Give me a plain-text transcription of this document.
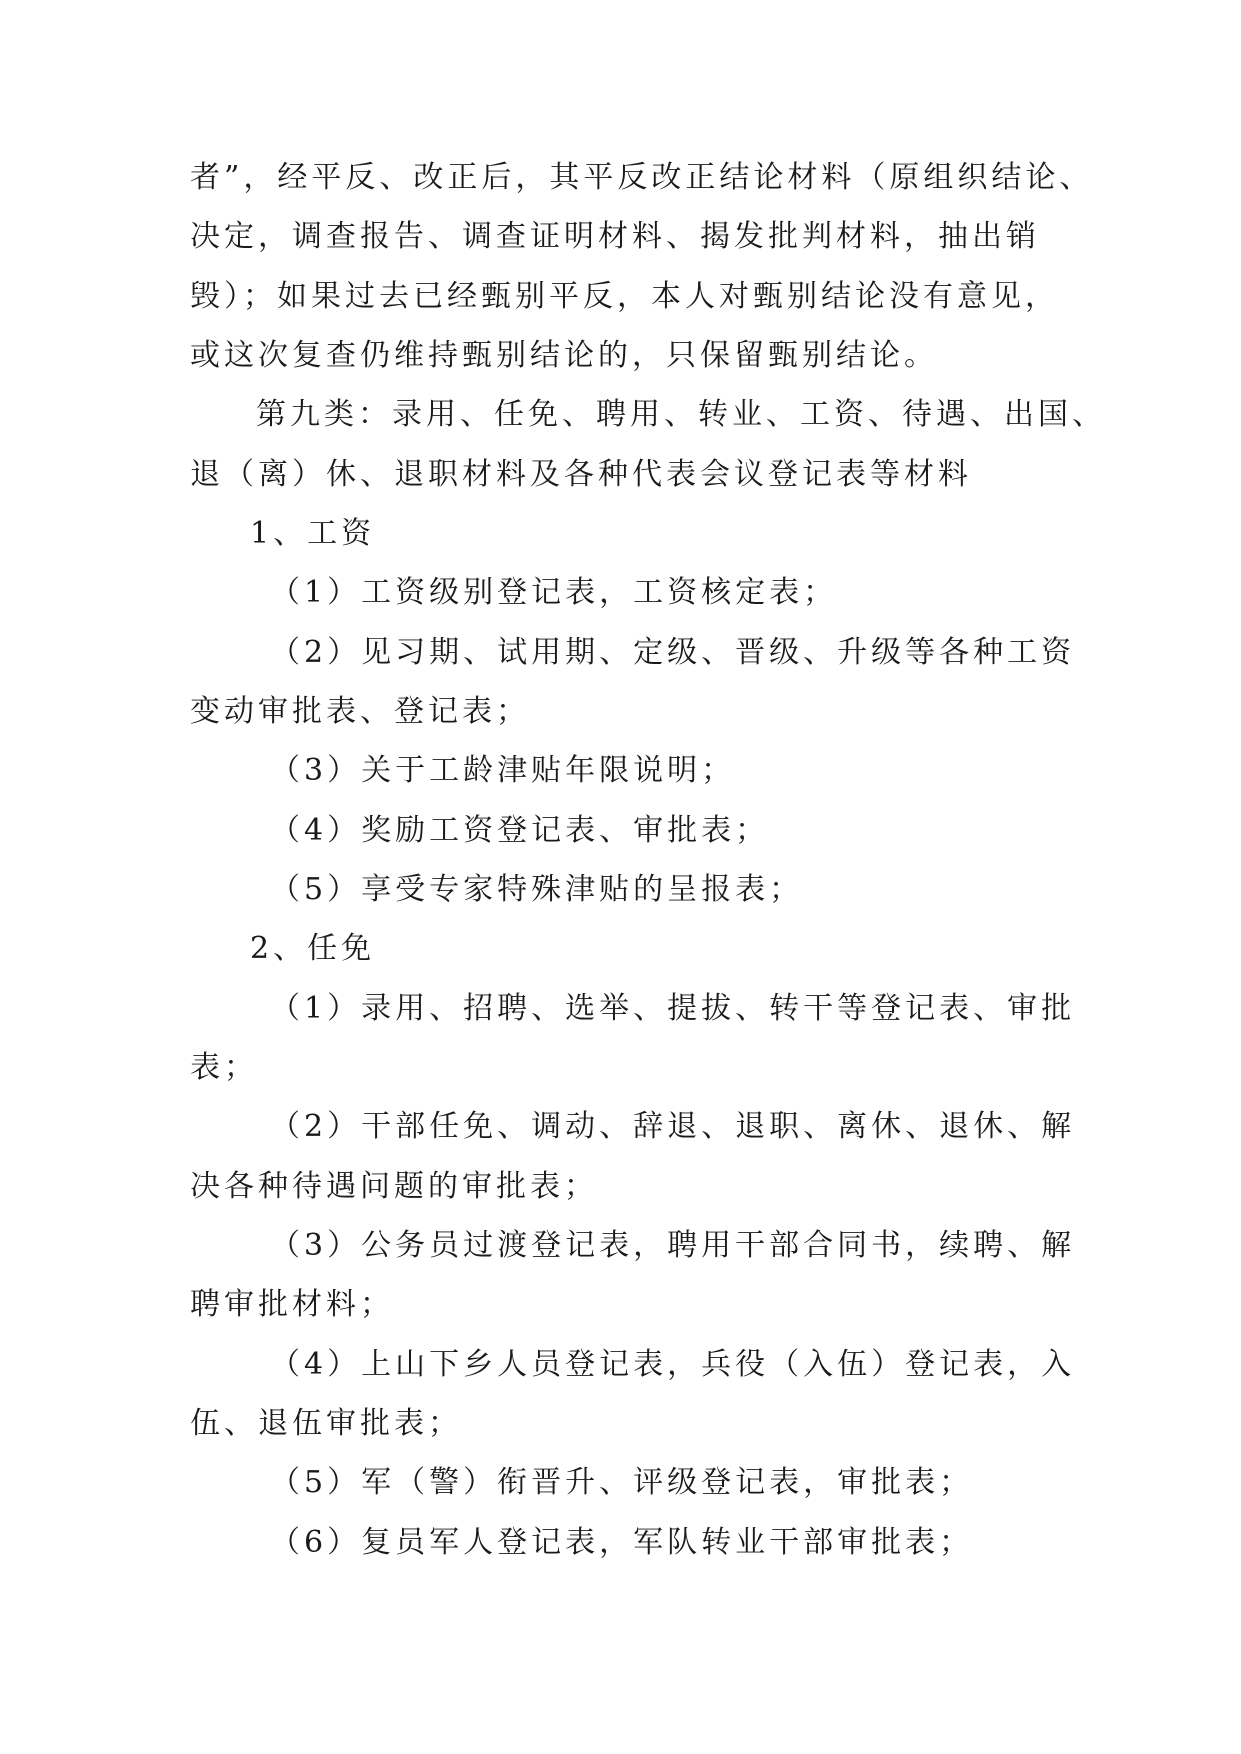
者”，经平反、改正后，其平反改正结论材料（原组织结论、
决定，调查报告、调查证明材料、揭发批判材料，抽出销
毁）；如果过去已经甄别平反，本人对甄别结论没有意见，
或这次复查仍维持甄别结论的，只保留甄别结论。
第九类：录用、任免、聘用、转业、工资、待遇、出国、
退（离）休、退职材料及各种代表会议登记表等材料
1、工资
（1）工资级别登记表，工资核定表；
（2）见习期、试用期、定级、晋级、升级等各种工资
变动审批表、登记表；
（3）关于工龄津贴年限说明；
（4）奖励工资登记表、审批表；
（5）享受专家特殊津贴的呈报表；
2、任免
（1）录用、招聘、选举、提拔、转干等登记表、审批
表；
（2）干部任免、调动、辞退、退职、离休、退休、解
决各种待遇问题的审批表；
（3）公务员过渡登记表，聘用干部合同书，续聘、解
聘审批材料；
（4）上山下乡人员登记表，兵役（入伍）登记表，入
伍、退伍审批表；
（5）军（警）衔晋升、评级登记表，审批表；
（6）复员军人登记表，军队转业干部审批表；
